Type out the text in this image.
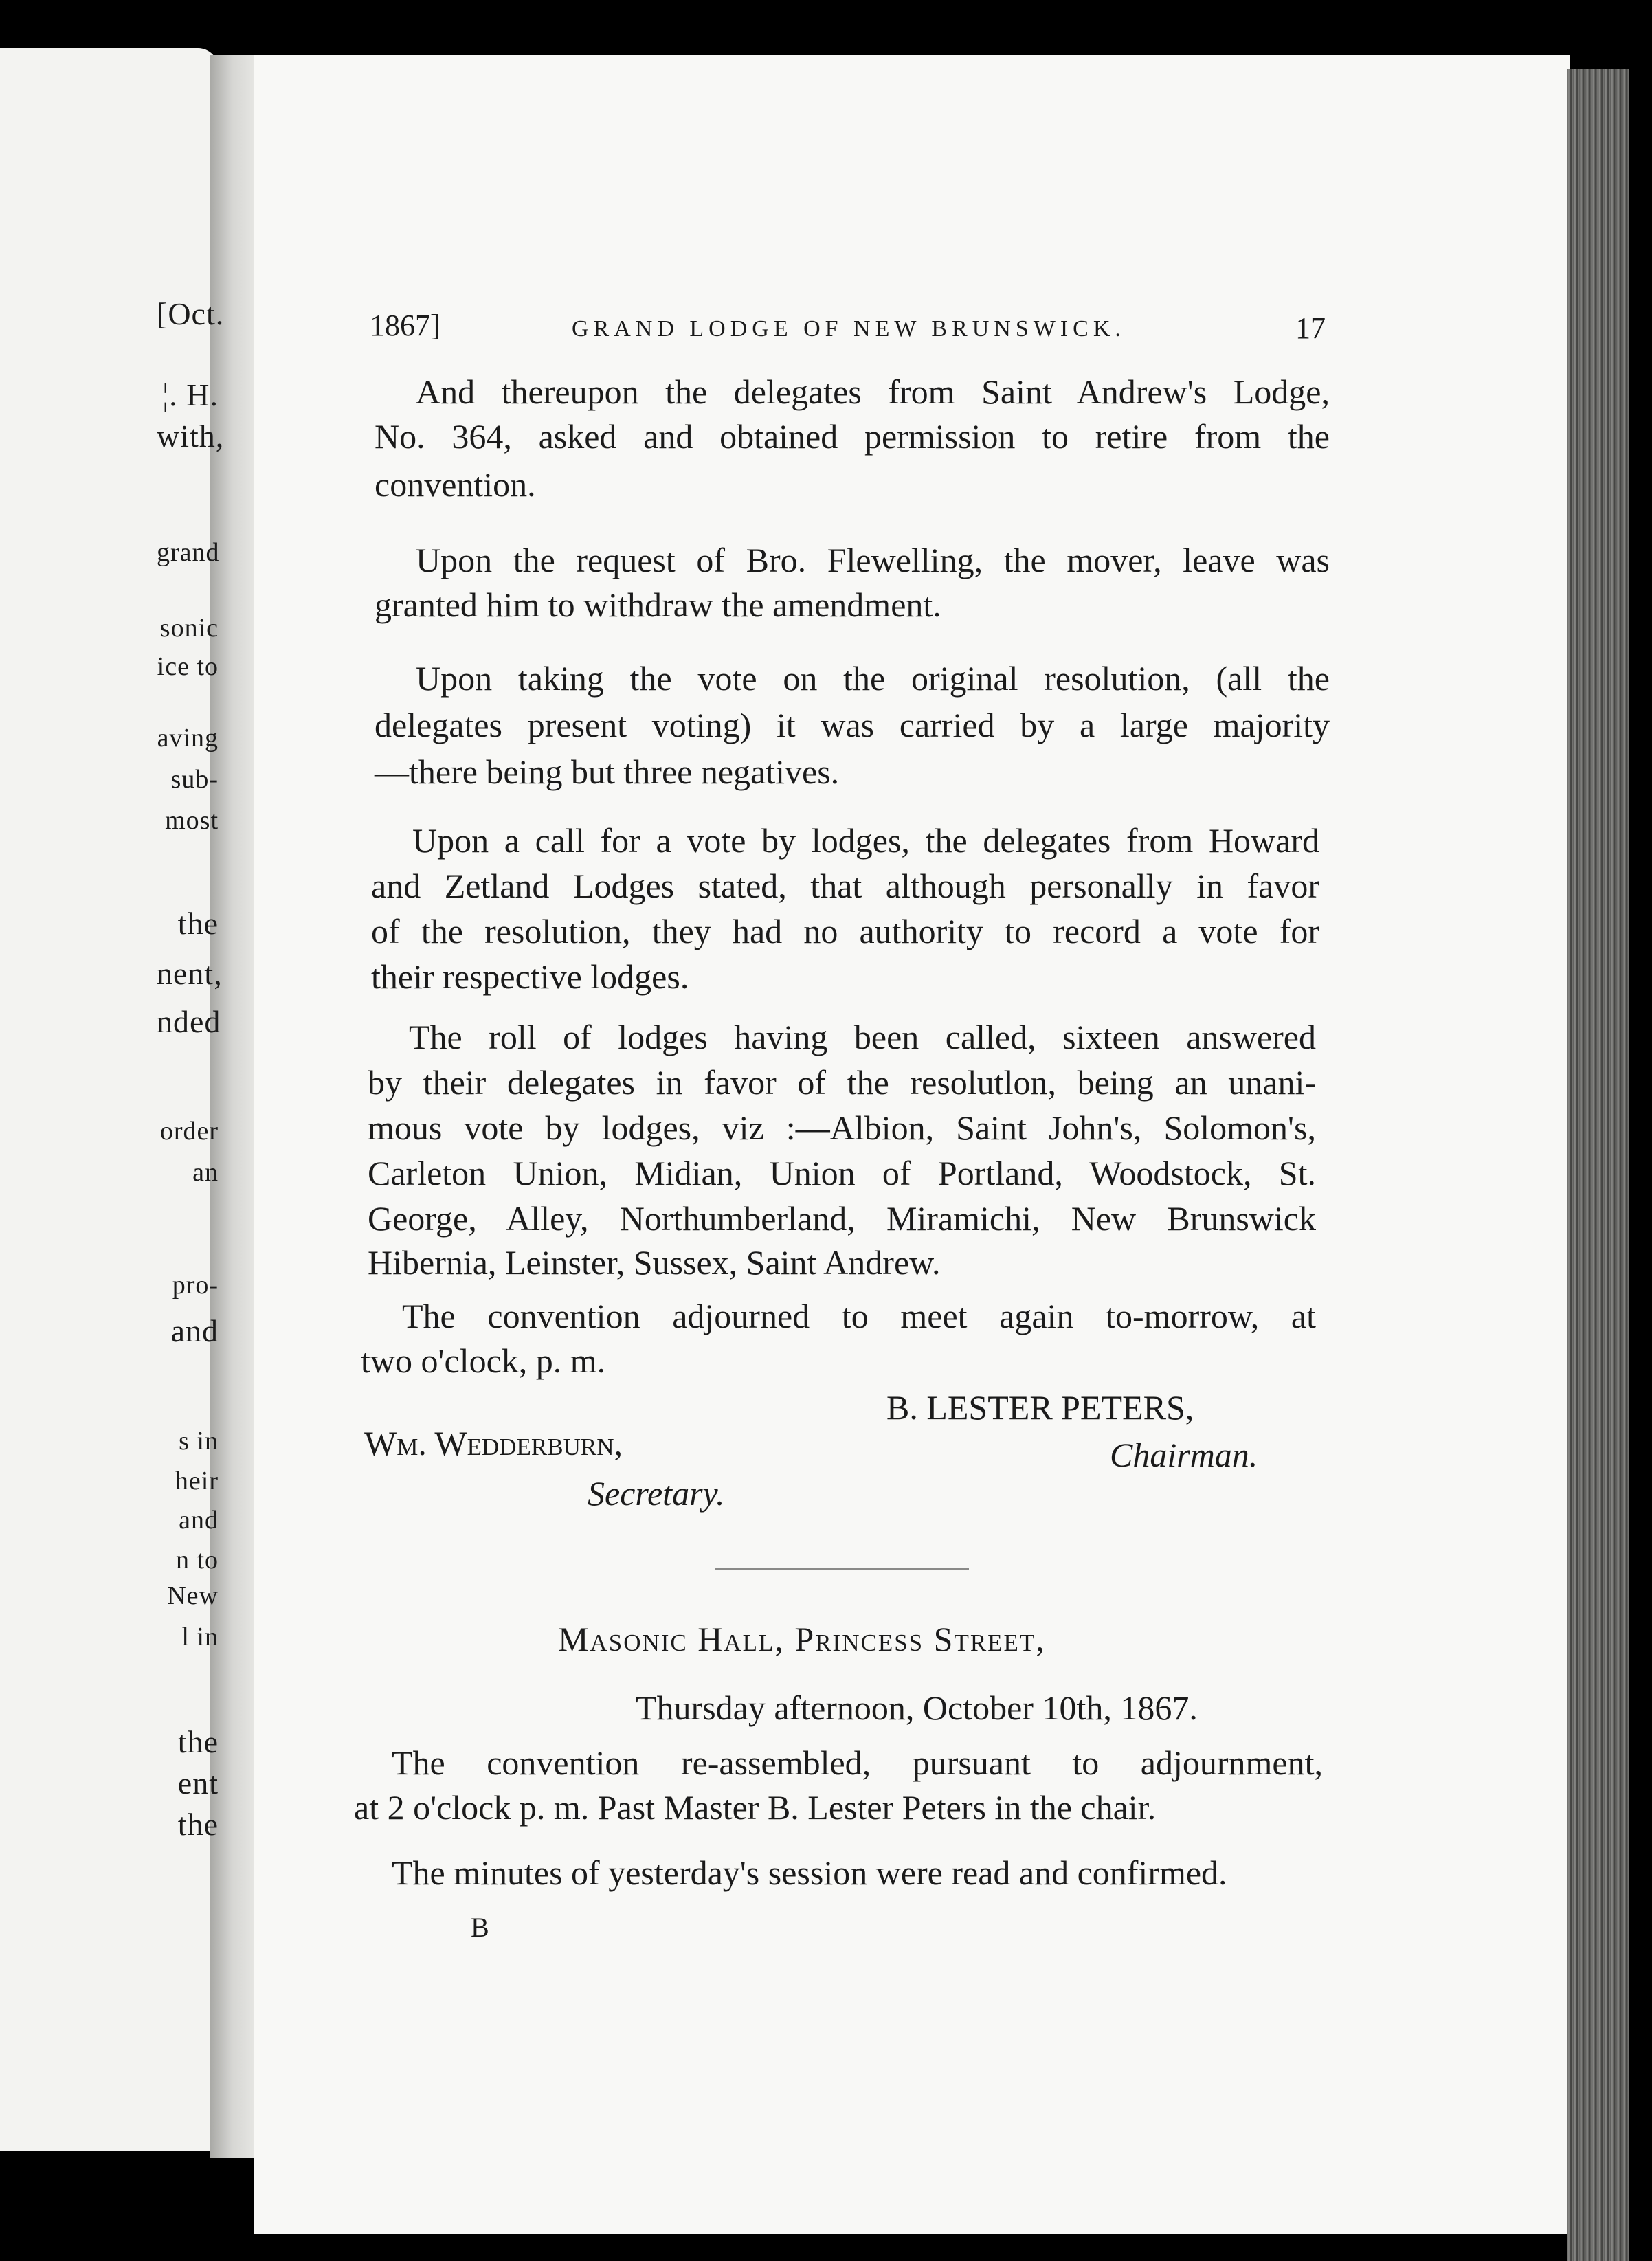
[Oct.
¦. H.
with,
grand
sonic
ice to
aving
sub-
most
the
nent,
nded
order
an
pro-
and
s in
heir
and
n to
New
l in
the
ent
the
1867]	GRAND LODGE OF NEW BRUNSWICK.	17
And thereupon the delegates from Saint Andrew's Lodge,
No. 364, asked and obtained permission to retire from the
convention.
Upon the request of Bro. Flewelling, the mover, leave was
granted him to withdraw the amendment.
Upon taking the vote on the original resolution, (all the
delegates present voting) it was carried by a large majority
—there being but three negatives.
Upon a call for a vote by lodges, the delegates from Howard
and Zetland Lodges stated, that although personally in favor
of the resolution, they had no authority to record a vote for
their respective lodges.
The roll of lodges having been called, sixteen answered
by their delegates in favor of the resolutlon, being an unani-
mous vote by lodges, viz :—Albion, Saint John's, Solomon's,
Carleton Union, Midian, Union of Portland, Woodstock, St.
George, Alley, Northumberland, Miramichi, New Brunswick
Hibernia, Leinster, Sussex, Saint Andrew.
The convention adjourned to meet again to-morrow, at
two o'clock, p. m.
B. LESTER PETERS,
Wm. Wedderburn,	Chairman.
Secretary.
Masonic Hall, Princess Street,
Thursday afternoon, October 10th, 1867.
The convention re-assembled, pursuant to adjournment,
at 2 o'clock p. m. Past Master B. Lester Peters in the chair.
The minutes of yesterday's session were read and confirmed.
B
